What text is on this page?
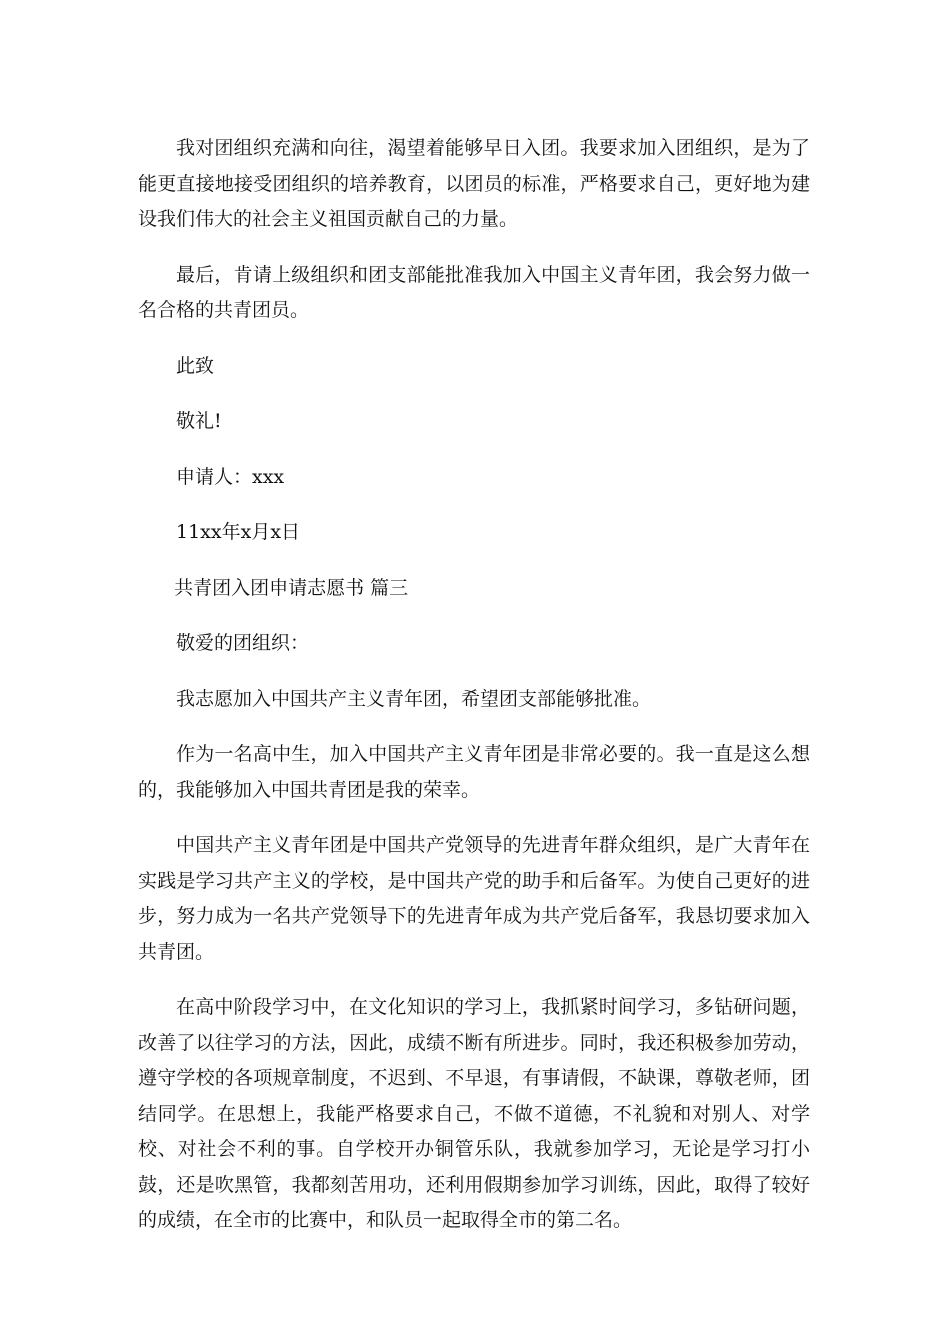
我对团组织充满和向往，渴望着能够早日入团。我要求加入团组织，是为了能更直接地接受团组织的培养教育，以团员的标准，严格要求自己，更好地为建设我们伟大的社会主义祖国贡献自己的力量。

最后，肯请上级组织和团支部能批准我加入中国主义青年团，我会努力做一名合格的共青团员。

此致

敬礼!

申请人：xxx

11xx年x月x日

共青团入团申请志愿书 篇三

敬爱的团组织：

我志愿加入中国共产主义青年团，希望团支部能够批准。

作为一名高中生，加入中国共产主义青年团是非常必要的。我一直是这么想的，我能够加入中国共青团是我的荣幸。

中国共产主义青年团是中国共产党领导的先进青年群众组织，是广大青年在实践是学习共产主义的学校，是中国共产党的助手和后备军。为使自己更好的进步，努力成为一名共产党领导下的先进青年成为共产党后备军，我恳切要求加入共青团。

在高中阶段学习中，在文化知识的学习上，我抓紧时间学习，多钻研问题，改善了以往学习的方法，因此，成绩不断有所进步。同时，我还积极参加劳动，遵守学校的各项规章制度，不迟到、不早退，有事请假，不缺课，尊敬老师，团结同学。在思想上，我能严格要求自己，不做不道德，不礼貌和对别人、对学校、对社会不利的事。自学校开办铜管乐队，我就参加学习，无论是学习打小鼓，还是吹黑管，我都刻苦用功，还利用假期参加学习训练，因此，取得了较好的成绩，在全市的比赛中，和队员一起取得全市的第二名。
